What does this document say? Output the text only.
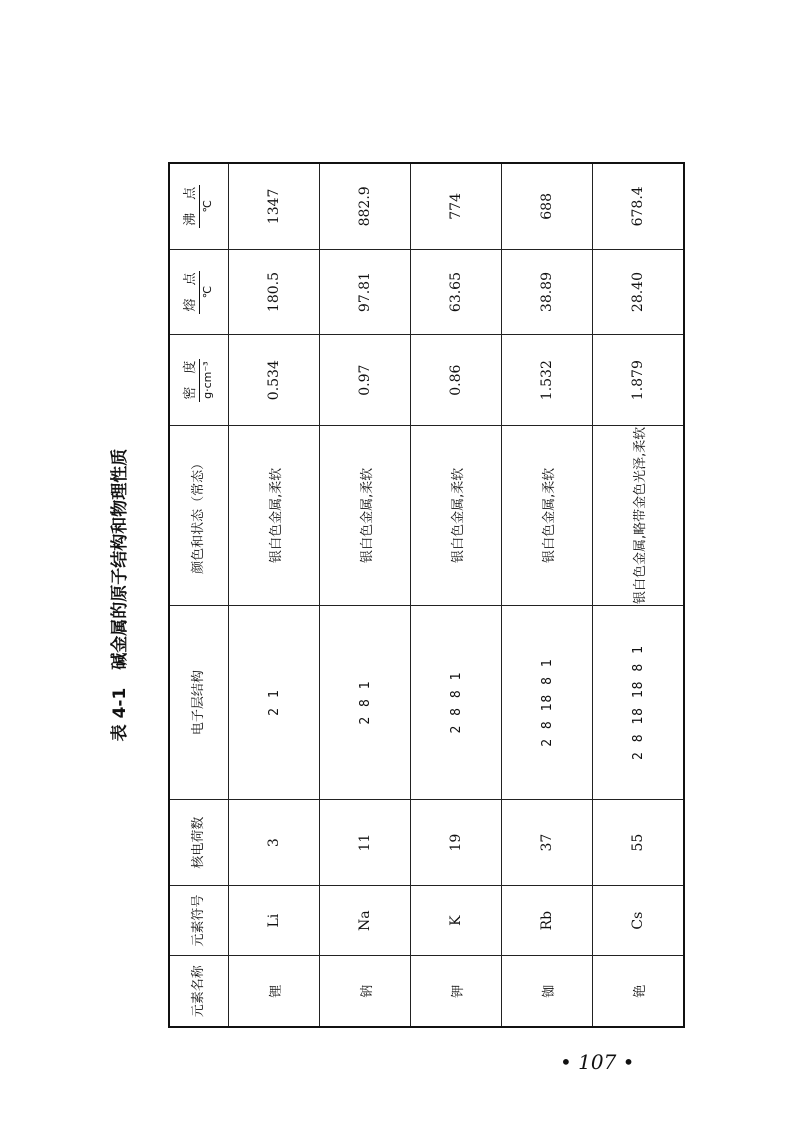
表 4-1碱金属的原子结构和物理性质
元素名称	元素符号	核电荷数	电子层结构	颜色和状态（常态）	密　度 g·cm⁻³	熔　点 ℃	沸　点 ℃

锂	Li	3	2 1	银白色金属,柔软	0.534	180.5	1347
钠	Na	11	2 8 1	银白色金属,柔软	0.97	97.81	882.9
钾	K	19	2 8 8 1	银白色金属,柔软	0.86	63.65	774
铷	Rb	37	2 8 18 8 1	银白色金属,柔软	1.532	38.89	688
铯	Cs	55	2 8 18 18 8 1	银白色金属,略带金色光泽,柔软	1.879	28.40	678.4
• 107 •
